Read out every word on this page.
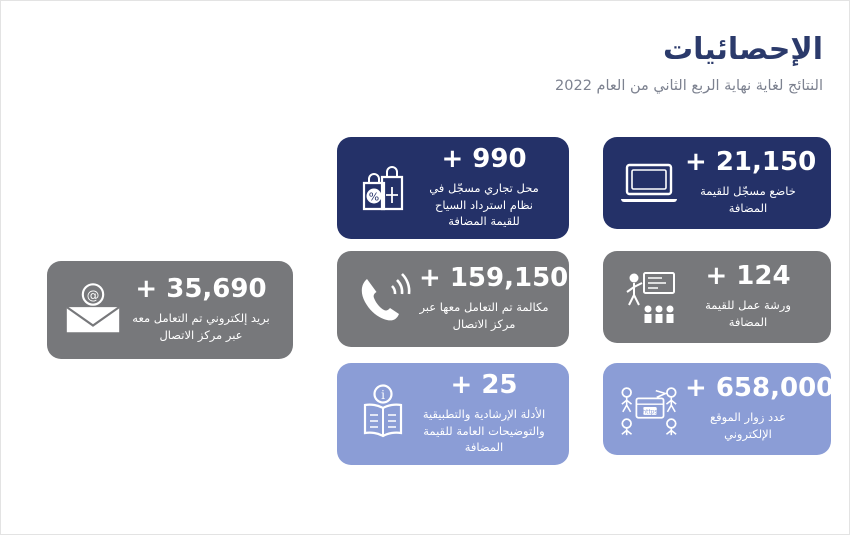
الإحصائيات
النتائج لغاية نهاية الربع الثاني من العام 2022
+ 21,150
خاضع مسجّل للقيمة المضافة
%
+ 990
محل تجاري مسجّل في نظام استرداد السياح للقيمة المضافة
+ 124
ورشة عمل للقيمة المضافة
+ 159,150
مكالمة تم التعامل معها عبر مركز الاتصال
@ + 35,690
بريد إلكتروني تم التعامل معه عبر مركز الاتصال
https
+ 658,000
عدد زوار الموقع الإلكتروني
i	+ 25
الأدلة الإرشادية والتطبيقية والتوضيحات العامة للقيمة المضافة
